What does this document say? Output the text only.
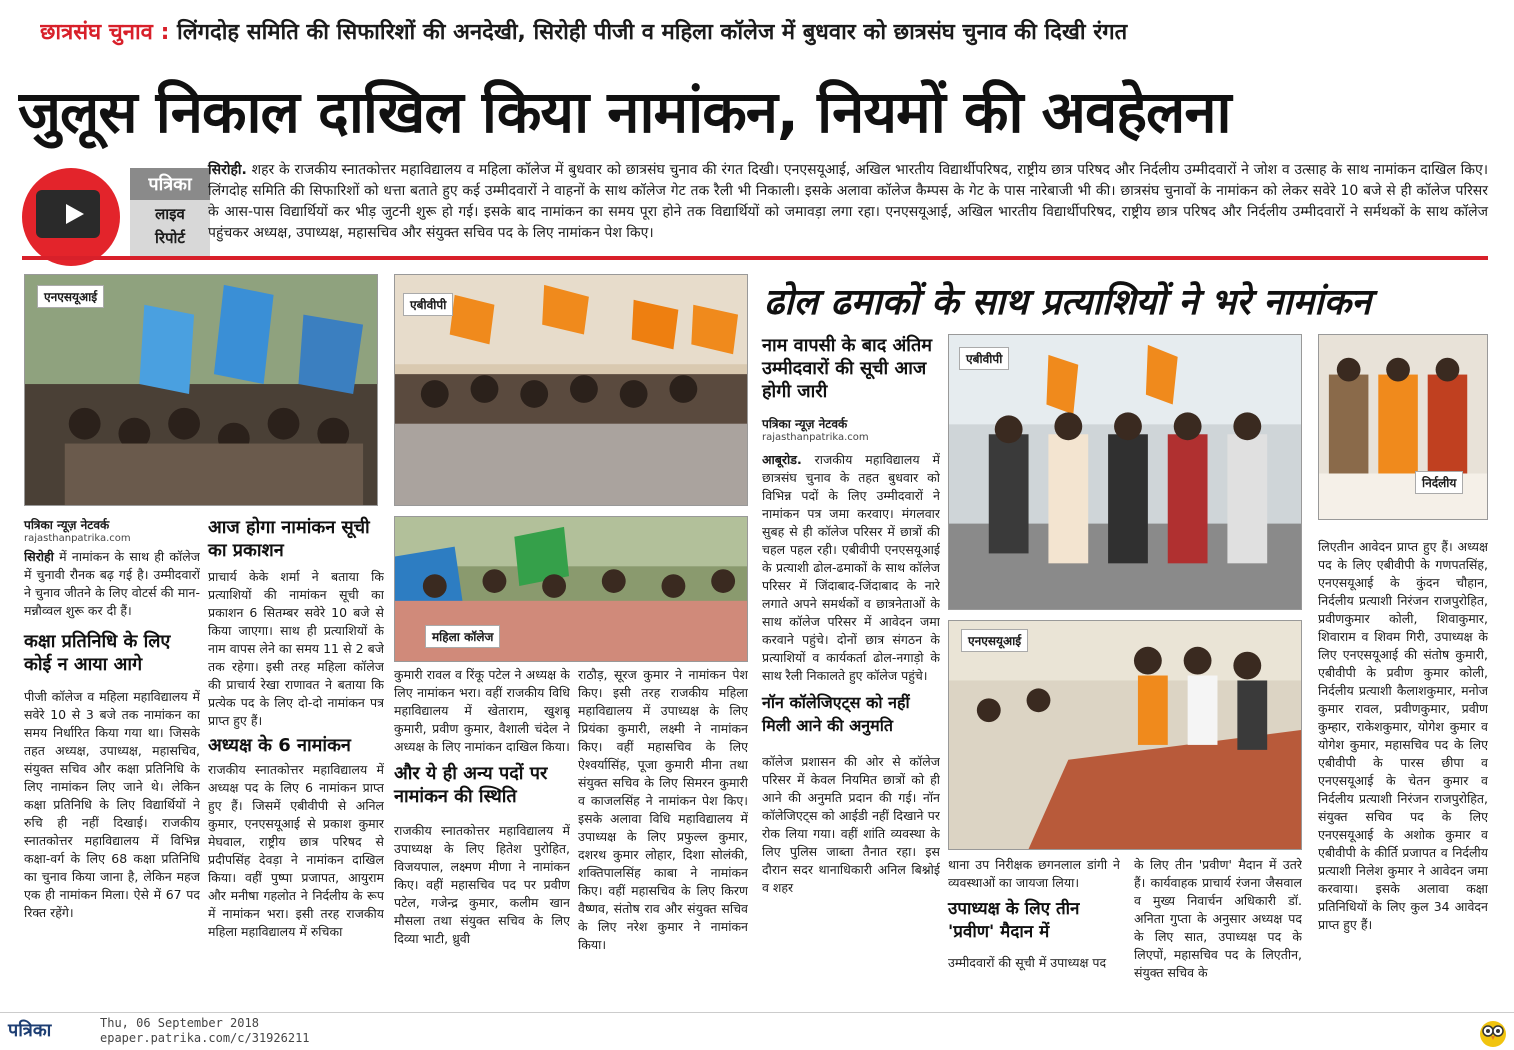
छात्रसंघ चुनाव : लिंगदोह समिति की सिफारिशों की अनदेखी, सिरोही पीजी व महिला कॉलेज में बुधवार को छात्रसंघ चुनाव की दिखी रंगत
जुलूस निकाल दाखिल किया नामांकन, नियमों की अवहेलना
पत्रिका
लाइव
रिपोर्ट
सिरोही. शहर के राजकीय स्नातकोत्तर महाविद्यालय व महिला कॉलेज में बुधवार को छात्रसंघ चुनाव की रंगत दिखी। एनएसयूआई, अखिल भारतीय विद्यार्थीपरिषद, राष्ट्रीय छात्र परिषद और निर्दलीय उम्मीदवारों ने जोश व उत्साह के साथ नामांकन दाखिल किए। लिंगदोह समिति की सिफारिशों को धत्ता बताते हुए कई उम्मीदवारों ने वाहनों के साथ कॉलेज गेट तक रैली भी निकाली। इसके अलावा कॉलेज कैम्पस के गेट के पास नारेबाजी भी की। छात्रसंघ चुनावों के नामांकन को लेकर सवेरे 10 बजे से ही कॉलेज परिसर के आस-पास विद्यार्थियों कर भीड़ जुटनी शुरू हो गई। इसके बाद नामांकन का समय पूरा होने तक विद्यार्थियों को जमावड़ा लगा रहा। एनएसयूआई, अखिल भारतीय विद्यार्थीपरिषद, राष्ट्रीय छात्र परिषद और निर्दलीय उम्मीदवारों ने सर्मथकों के साथ कॉलेज पहुंचकर अध्यक्ष, उपाध्यक्ष, महासचिव और संयुक्त सचिव पद के लिए नामांकन पेश किए।
एनएसयूआई
एबीवीपी
महिला कॉलेज
पत्रिका न्यूज़ नेटवर्क
rajasthanpatrika.com
सिरोही में नामांकन के साथ ही कॉलेज में चुनावी रौनक बढ़ गई है। उम्मीदवारों ने चुनाव जीतने के लिए वोटर्स की मान-मन्नौव्वल शुरू कर दी हैं।
कक्षा प्रतिनिधि के लिए कोई न आया आगे
पीजी कॉलेज व महिला महाविद्यालय में सवेरे 10 से 3 बजे तक नामांकन का समय निर्धारित किया गया था। जिसके तहत अध्यक्ष, उपाध्यक्ष, महासचिव, संयुक्त सचिव और कक्षा प्रतिनिधि के लिए नामांकन लिए जाने थे। लेकिन कक्षा प्रतिनिधि के लिए विद्यार्थियों ने रुचि ही नहीं दिखाई। राजकीय स्नातकोत्तर महाविद्यालय में विभिन्न कक्षा-वर्ग के लिए 68 कक्षा प्रतिनिधि का चुनाव किया जाना है, लेकिन महज एक ही नामांकन मिला। ऐसे में 67 पद रिक्त रहेंगे।
आज होगा नामांकन सूची का प्रकाशन
प्राचार्य केके शर्मा ने बताया कि प्रत्याशियों की नामांकन सूची का प्रकाशन 6 सितम्बर सवेरे 10 बजे से किया जाएगा। साथ ही प्रत्याशियों के नाम वापस लेने का समय 11 से 2 बजे तक रहेगा। इसी तरह महिला कॉलेज की प्राचार्य रेखा राणावत ने बताया कि प्रत्येक पद के लिए दो-दो नामांकन पत्र प्राप्त हुए हैं।
अध्यक्ष के 6 नामांकन
राजकीय स्नातकोत्तर महाविद्यालय में अध्यक्ष पद के लिए 6 नामांकन प्राप्त हुए हैं। जिसमें एबीवीपी से अनिल कुमार, एनएसयूआई से प्रकाश कुमार मेघवाल, राष्ट्रीय छात्र परिषद से प्रदीपसिंह देवड़ा ने नामांकन दाखिल किया। वहीं पुष्पा प्रजापत, आयुराम और मनीषा गहलोत ने निर्दलीय के रूप में नामांकन भरा। इसी तरह राजकीय महिला महाविद्यालय में रुचिका
कुमारी रावल व रिंकू पटेल ने अध्यक्ष के लिए नामांकन भरा। वहीं राजकीय विधि महाविद्यालय में खेताराम, खुशबू कुमारी, प्रवीण कुमार, वैशाली चंदेल ने अध्यक्ष के लिए नामांकन दाखिल किया।
और ये ही अन्य पदों पर नामांकन की स्थिति
राजकीय स्नातकोत्तर महाविद्यालय में उपाध्यक्ष के लिए हितेश पुरोहित, विजयपाल, लक्ष्मण मीणा ने नामांकन किए। वहीं महासचिव पद पर प्रवीण पटेल, गजेन्द्र कुमार, कलीम खान मौसला तथा संयुक्त सचिव के लिए दिव्या भाटी, ध्रुवी
राठौड़, सूरज कुमार ने नामांकन पेश किए। इसी तरह राजकीय महिला महाविद्यालय में उपाध्यक्ष के लिए प्रियंका कुमारी, लक्ष्मी ने नामांकन किए। वहीं महासचिव के लिए ऐश्वर्यासिंह, पूजा कुमारी मीना तथा संयुक्त सचिव के लिए सिमरन कुमारी व काजलसिंह ने नामांकन पेश किए। इसके अलावा विधि महाविद्यालय में उपाध्यक्ष के लिए प्रफुल्ल कुमार, दशरथ कुमार लोहार, दिशा सोलंकी, शक्तिपालसिंह काबा ने नामांकन किए। वहीं महासचिव के लिए किरण वैष्णव, संतोष राव और संयुक्त सचिव के लिए नरेश कुमार ने नामांकन किया।
ढोल ढमाकों के साथ प्रत्याशियों ने भरे नामांकन
नाम वापसी के बाद अंतिम उम्मीदवारों की सूची आज होगी जारी
पत्रिका न्यूज़ नेटवर्क
rajasthanpatrika.com
आबूरोड. राजकीय महाविद्यालय में छात्रसंघ चुनाव के तहत बुधवार को विभिन्न पदों के लिए उम्मीदवारों ने नामांकन पत्र जमा करवाए। मंगलवार सुबह से ही कॉलेज परिसर में छात्रों की चहल पहल रही। एबीवीपी एनएसयूआई के प्रत्याशी ढोल-ढमाकों के साथ कॉलेज परिसर में जिंदाबाद-जिंदाबाद के नारे लगाते अपने समर्थकों व छात्रनेताओं के साथ कॉलेज परिसर में आवेदन जमा करवाने पहुंचे। दोनों छात्र संगठन के प्रत्याशियों व कार्यकर्ता ढोल-नगाड़ो के साथ रैली निकालते हुए कॉलेज पहुंचे।
नॉन कॉलेजिएट्स को नहीं मिली आने की अनुमति
कॉलेज प्रशासन की ओर से कॉलेज परिसर में केवल नियमित छात्रों को ही आने की अनुमति प्रदान की गई। नॉन कॉलेजिएट्स को आईडी नहीं दिखाने पर रोक लिया गया। वहीं शांति व्यवस्था के लिए पुलिस जाब्ता तैनात रहा। इस दौरान सदर थानाधिकारी अनिल बिश्नोई व शहर
एबीवीपी
निर्दलीय
एनएसयूआई
थाना उप निरीक्षक छगनलाल डांगी ने व्यवस्थाओं का जायजा लिया।
उपाध्यक्ष के लिए तीन 'प्रवीण' मैदान में
उम्मीदवारों की सूची में उपाध्यक्ष पद
के लिए तीन 'प्रवीण' मैदान में उतरे हैं। कार्यवाहक प्राचार्य रंजना जैसवाल व मुख्य निवार्चन अधिकारी डॉ. अनिता गुप्ता के अनुसार अध्यक्ष पद के लिए सात, उपाध्यक्ष पद के लिएपों, महासचिव पद के लिएतीन, संयुक्त सचिव के
लिएतीन आवेदन प्राप्त हुए हैं। अध्यक्ष पद के लिए एबीवीपी के गणपतसिंह, एनएसयूआई के कुंदन चौहान, निर्दलीय प्रत्याशी निरंजन राजपुरोहित, प्रवीणकुमार कोली, शिवाकुमार, शिवाराम व शिवम गिरी, उपाध्यक्ष के लिए एनएसयूआई की संतोष कुमारी, एबीवीपी के प्रवीण कुमार कोली, निर्दलीय प्रत्याशी कैलाशकुमार, मनोज कुमार रावल, प्रवीणकुमार, प्रवीण कुम्हार, राकेशकुमार, योगेश कुमार व योगेश कुमार, महासचिव पद के लिए एबीवीपी के पारस छीपा व एनएसयूआई के चेतन कुमार व निर्दलीय प्रत्याशी निरंजन राजपुरोहित, संयुक्त सचिव पद के लिए एनएसयूआई के अशोक कुमार व एबीवीपी के कीर्ति प्रजापत व निर्दलीय प्रत्याशी निलेश कुमार ने आवेदन जमा करवाया। इसके अलावा कक्षा प्रतिनिधियों के लिए कुल 34 आवेदन प्राप्त हुए हैं।
पत्रिका	Thu, 06 September 2018
epaper.patrika.com/c/31926211
